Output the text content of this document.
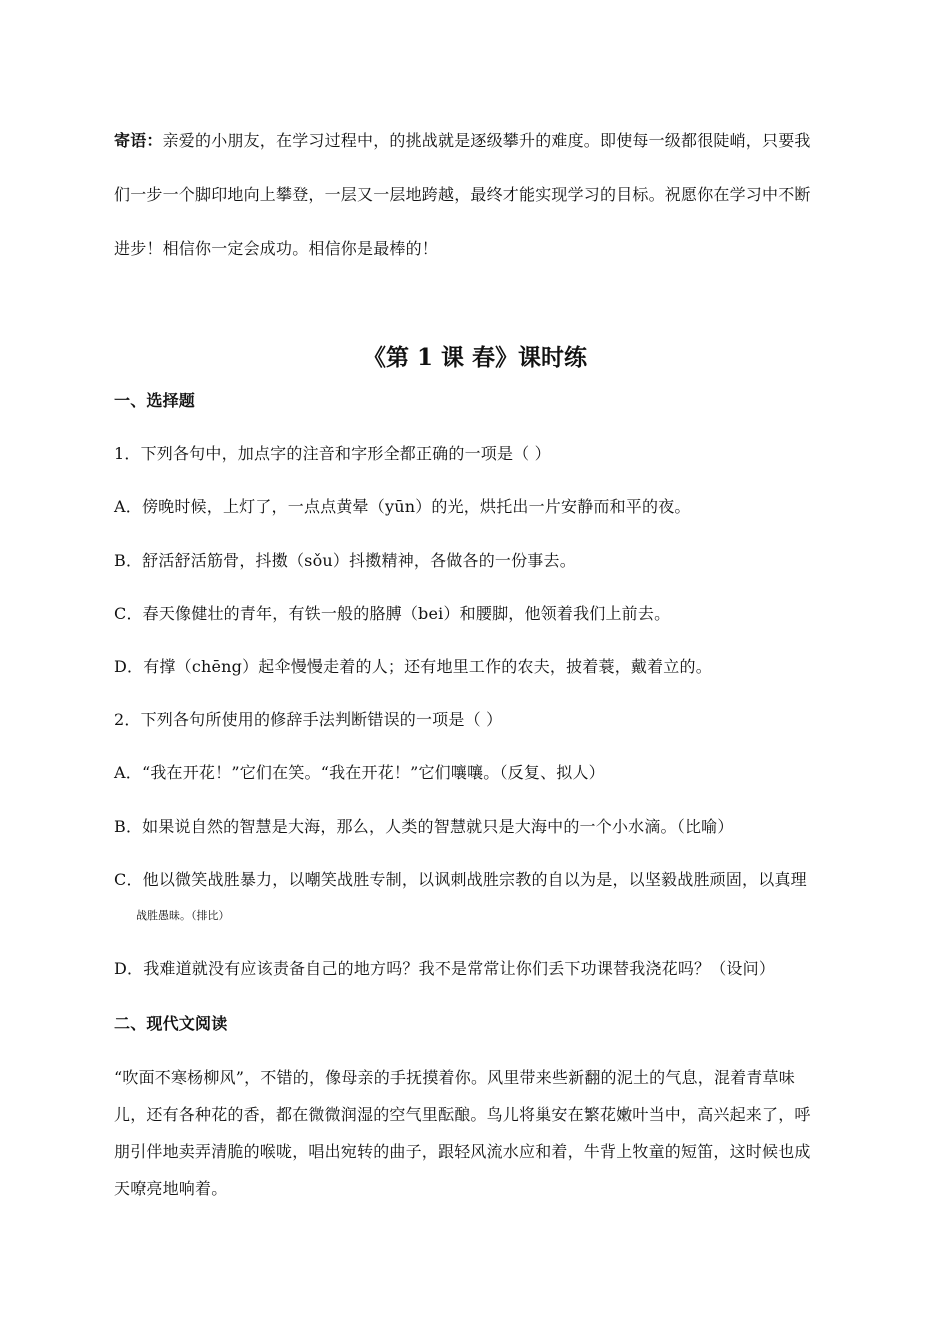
寄语：亲爱的小朋友，在学习过程中，的挑战就是逐级攀升的难度。即使每一级都很陡峭，只要我
们一步一个脚印地向上攀登，一层又一层地跨越，最终才能实现学习的目标。祝愿你在学习中不断
进步！相信你一定会成功。相信你是最棒的！
《第 1 课 春》课时练
一、选择题
1．下列各句中，加点字的注音和字形全都正确的一项是（ ）
A．傍晚时候，上灯了，一点点黄晕（yūn）的光，烘托出一片安静而和平的夜。
B．舒活舒活筋骨，抖擞（sǒu）抖擞精神，各做各的一份事去。
C．春天像健壮的青年，有铁一般的胳膊（bei）和腰脚，他领着我们上前去。
D．有撑（chēng）起伞慢慢走着的人；还有地里工作的农夫，披着蓑，戴着立的。
2．下列各句所使用的修辞手法判断错误的一项是（ ）
A．“我在开花！”它们在笑。“我在开花！”它们嚷嚷。（反复、拟人）
B．如果说自然的智慧是大海，那么，人类的智慧就只是大海中的一个小水滴。（比喻）
C．他以微笑战胜暴力，以嘲笑战胜专制，以讽刺战胜宗教的自以为是，以坚毅战胜顽固，以真理
战胜愚昧。（排比）
D．我难道就没有应该责备自己的地方吗？我不是常常让你们丢下功课替我浇花吗？（设问）
二、现代文阅读
“吹面不寒杨柳风”，不错的，像母亲的手抚摸着你。风里带来些新翻的泥土的气息，混着青草味
儿，还有各种花的香，都在微微润湿的空气里酝酿。鸟儿将巢安在繁花嫩叶当中，高兴起来了，呼
朋引伴地卖弄清脆的喉咙，唱出宛转的曲子，跟轻风流水应和着，牛背上牧童的短笛，这时候也成
天嘹亮地响着。
